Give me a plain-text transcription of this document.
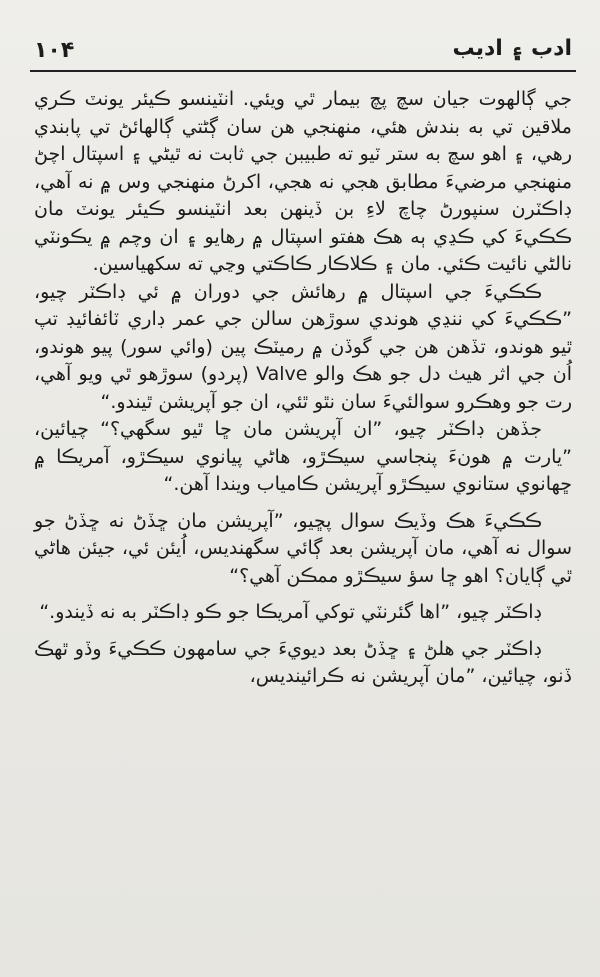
١٠۴	ادب ۽ اديب

جي ڳالهوت جيان سچ پچ بيمار ٿي ويئي. انٽينسو ڪيئر يونٽ ڪري ملاقين تي به بندش هئي، منهنجي هن سان ڳڻتي ڳالهائڻ تي پابندي رهي، ۽ اهو سچ به ستر ٽيو ته طبيبن جي ثابت نه ٿيڻي ۽ اسپتال اچڻ منهنجي مرضيءَ مطابق هجي نه هجي، اکرڻ منهنجي وس ۾ نه آهي، ڊاڪٽرن سنپورڻ چاچ لاءِ بن ڏينهن بعد انٽينسو ڪيئر يونٽ مان ڪڪيءَ کي ڪڍي ٻه هڪ هفتو اسپتال ۾ رهايو ۽ ان وچم ۾ يڪونٽي نالڻي نائيت ڪئي. مان ۽ ڪلاڪار ڪاڪتي وڃي ته سکهياسين.

ڪڪيءَ جي اسپتال ۾ رهائش جي دوران ۾ ئي ڊاڪٽر چيو، ”ڪڪيءَ کي ننڍي هوندي سوڙهن سالن جي عمر ڊاري ٽائفائيڊ تپ ٿيو هوندو، تڏهن هن جي گوڏن ۾ رميٽڪ پين (وائي سور) پيو هوندو، اُن جي اثر هيٺ دل جو هڪ والو Valve (پردو) سوڙهو ٿي ويو آهي، رت جو وهڪرو سوالئيءَ سان نٿو ٿئي، ان جو آپريشن ٿيندو.“

جڏهن ڊاڪٽر چيو، ”ان آپريشن مان ڇا ٿيو سگهي؟“ چيائين، ”يارت ۾ هونءَ پنجاسي سيڪڙو، هاڻي پيانوي سيڪڙو، آمريڪا ۾ ڇهانوي ستانوي سيڪڙو آپريشن ڪامياب ويندا آهن.“

ڪڪيءَ هڪ وڏيڪ سوال پڇيو، ”آپريشن مان ڇڏڻ نه ڇڏڻ جو سوال نه آهي، مان آپريشن بعد ڳائي سگهنديس، اُيئن ئي، جيئن هاڻي ٿي ڳايان؟ اهو ڇا سؤ سيڪڙو ممڪن آهي؟“

ڊاڪٽر چيو، ”اها گئرنٽي توکي آمريڪا جو ڪو ڊاڪٽر به نه ڏيندو.“

ڊاڪٽر جي هلڻ ۽ ڇڏڻ بعد ديويءَ جي سامهون ڪڪيءَ وڏو ٿهڪ ڏنو، چيائين، ”مان آپريشن نه ڪرائينديس،
